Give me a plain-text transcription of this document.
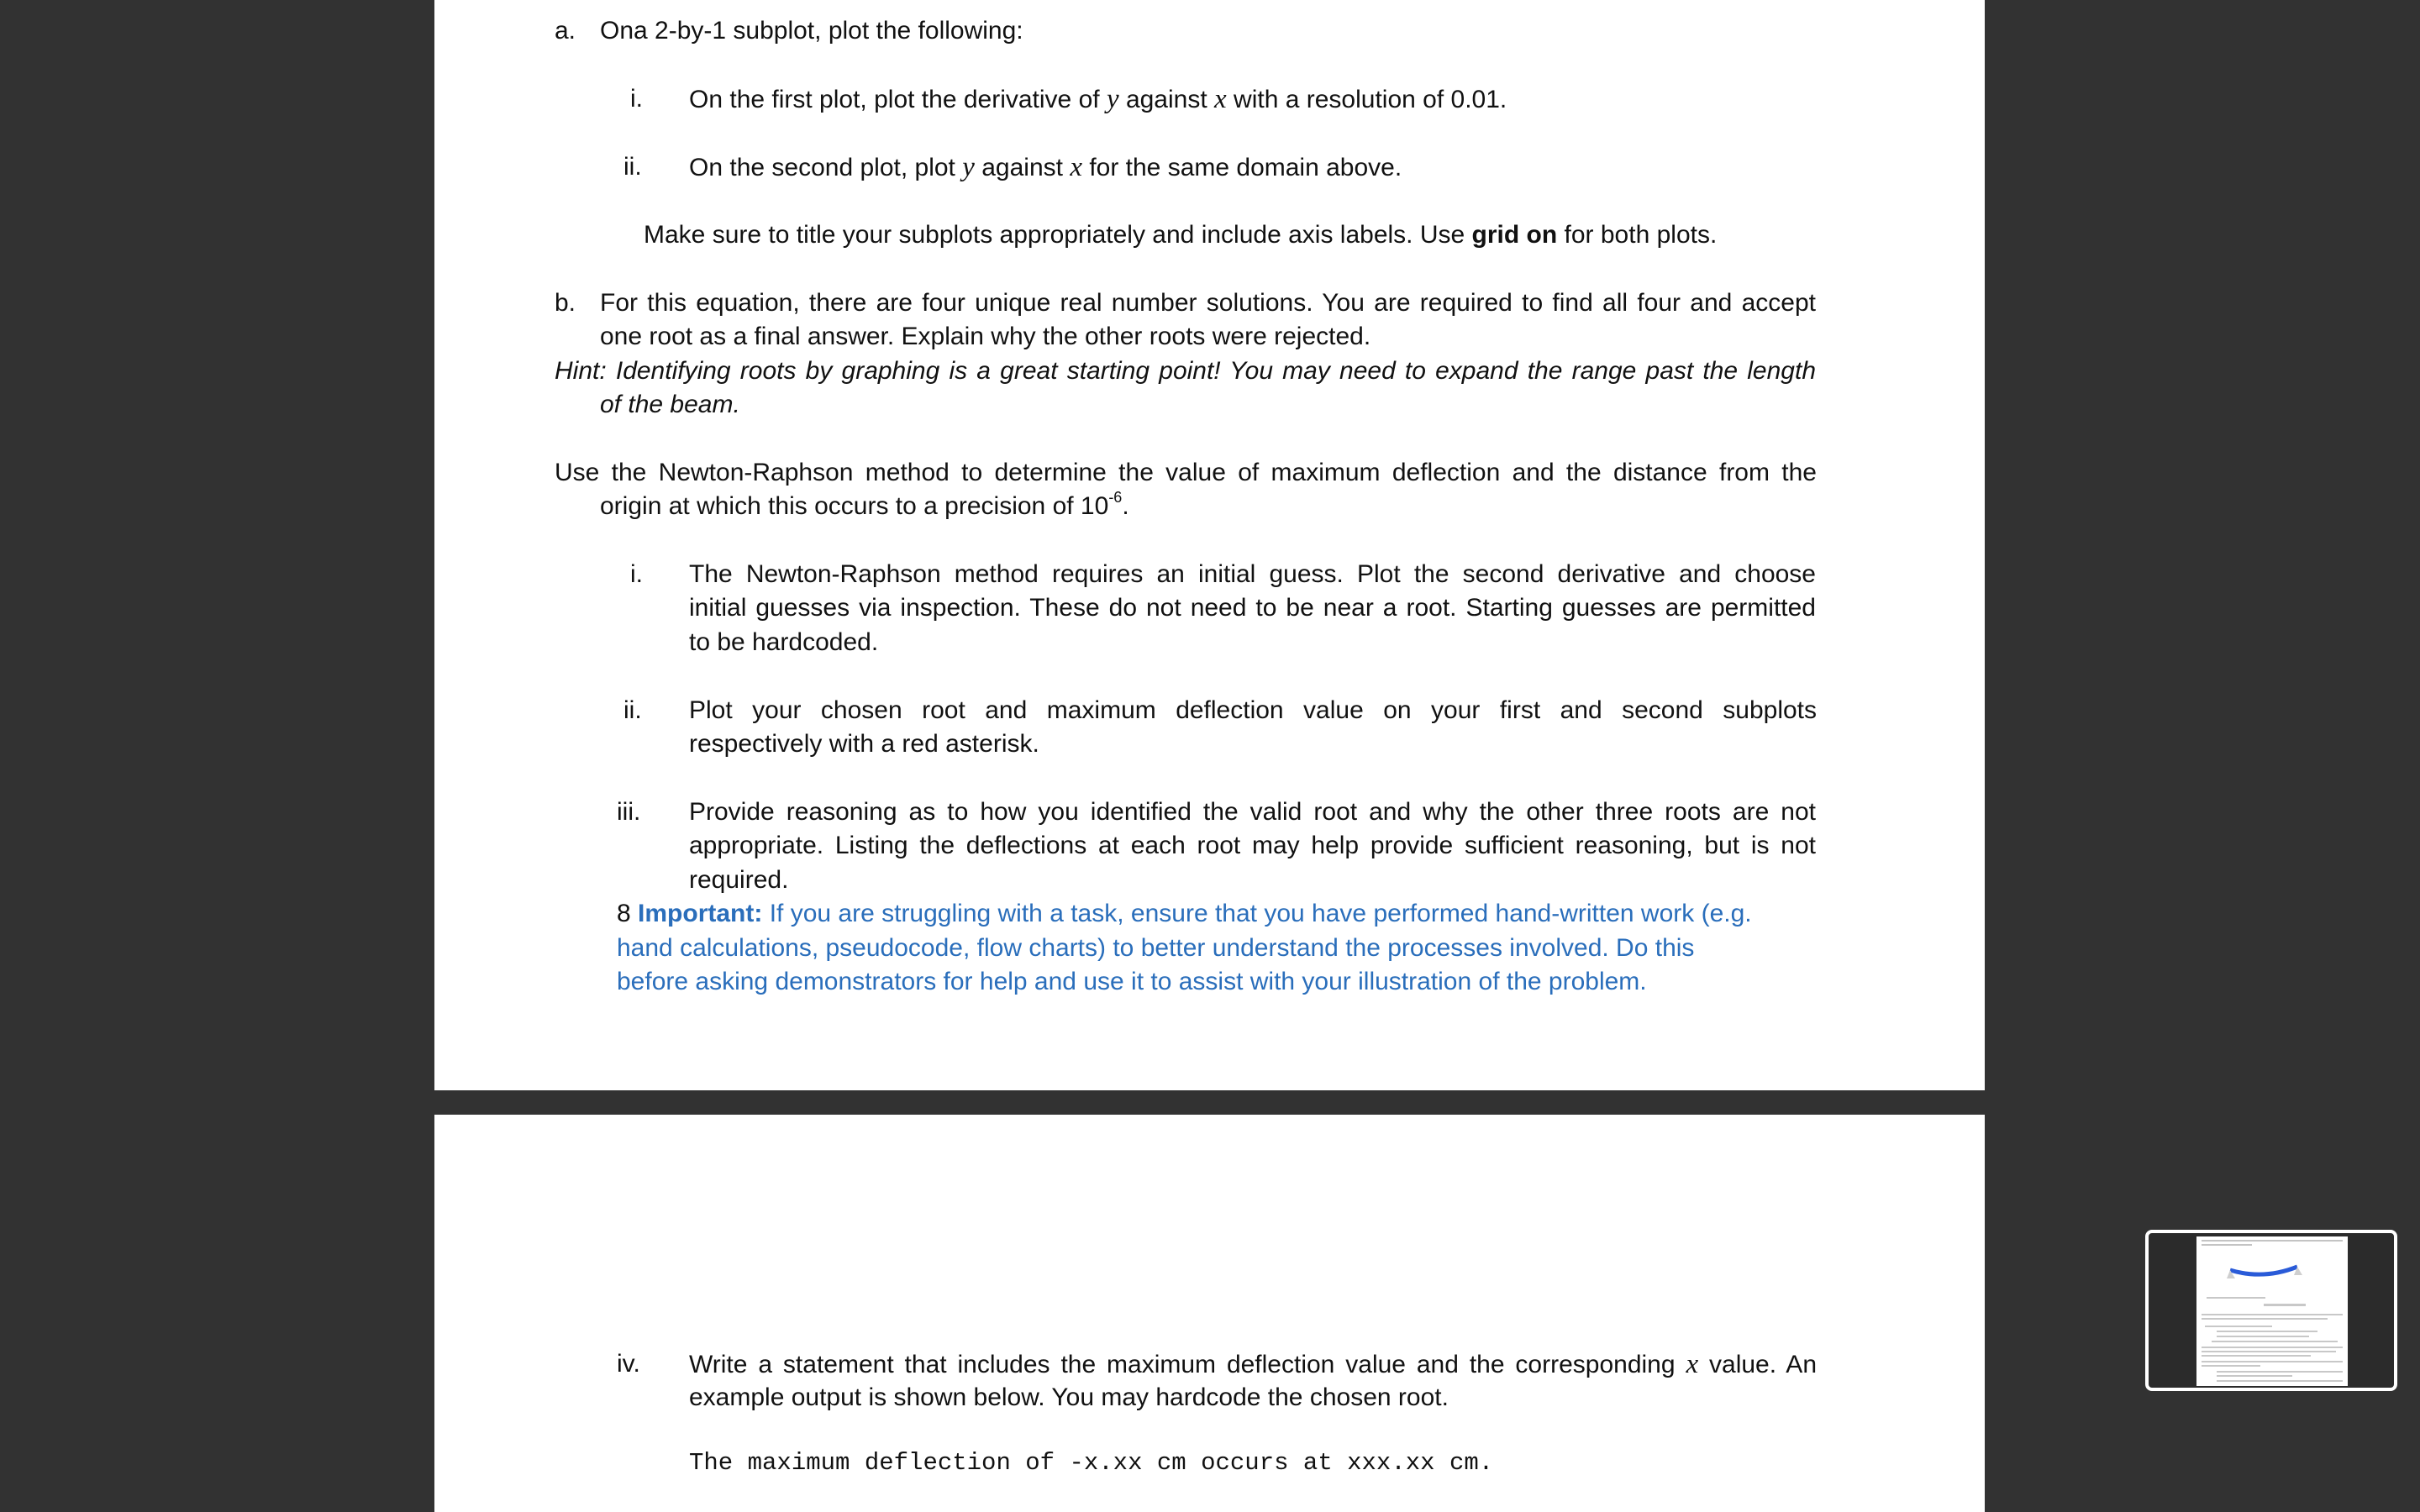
a. Ona 2-by-1 subplot, plot the following:
i. On the first plot, plot the derivative of y against x with a resolution of 0.01.
ii. On the second plot, plot y against x for the same domain above.
Make sure to title your subplots appropriately and include axis labels. Use grid on for both plots.
b. For this equation, there are four unique real number solutions. You are required to find all four and accept
one root as a final answer. Explain why the other roots were rejected.
Hint: Identifying roots by graphing is a great starting point! You may need to expand the range past the length
of the beam.
Use the Newton-Raphson method to determine the value of maximum deflection and the distance from the
origin at which this occurs to a precision of $10^{-6}$.
i. The Newton-Raphson method requires an initial guess. Plot the second derivative and choose
initial guesses via inspection. These do not need to be near a root. Starting guesses are permitted
to be hardcoded.
ii. Plot your chosen root and maximum deflection value on your first and second subplots
respectively with a red asterisk.
iii. Provide reasoning as to how you identified the valid root and why the other three roots are not
appropriate. Listing the deflections at each root may help provide sufficient reasoning, but is not
required.
8 Important: If you are struggling with a task, ensure that you have performed hand-written work (e.g.
hand calculations, pseudocode, flow charts) to better understand the processes involved. Do this
before asking demonstrators for help and use it to assist with your illustration of the problem.
iv. Write a statement that includes the maximum deflection value and the corresponding x value. An
example output is shown below. You may hardcode the chosen root.
The maximum deflection of -x.xx cm occurs at xxx.xx cm.
